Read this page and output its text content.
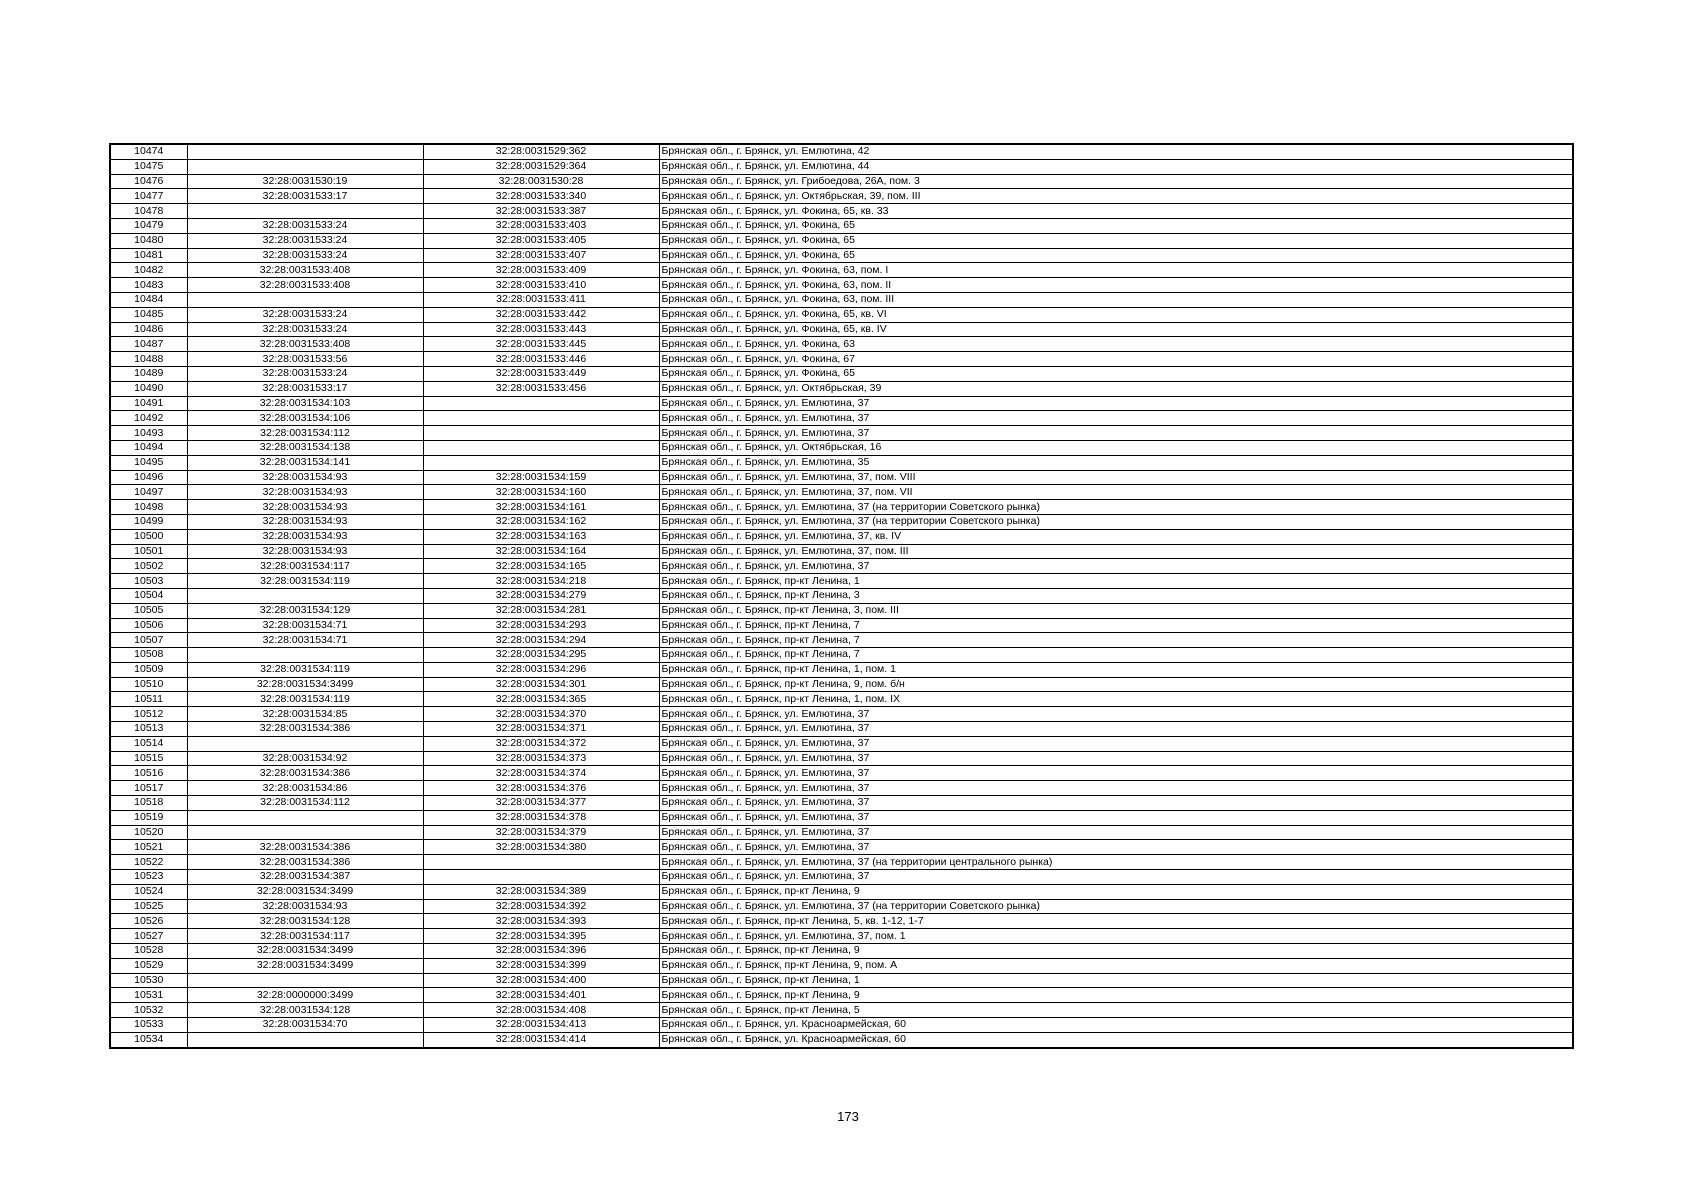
10474		32:28:0031529:362	Брянская обл., г. Брянск, ул. Емлютина, 42
10475		32:28:0031529:364	Брянская обл., г. Брянск, ул. Емлютина, 44
10476	32:28:0031530:19	32:28:0031530:28	Брянская обл., г. Брянск, ул. Грибоедова, 26А, пом. 3
10477	32:28:0031533:17	32:28:0031533:340	Брянская обл., г. Брянск, ул. Октябрьская, 39, пом. III
10478		32:28:0031533:387	Брянская обл., г. Брянск, ул. Фокина, 65, кв. 33
10479	32:28:0031533:24	32:28:0031533:403	Брянская обл., г. Брянск, ул. Фокина, 65
10480	32:28:0031533:24	32:28:0031533:405	Брянская обл., г. Брянск, ул. Фокина, 65
10481	32:28:0031533:24	32:28:0031533:407	Брянская обл., г. Брянск, ул. Фокина, 65
10482	32:28:0031533:408	32:28:0031533:409	Брянская обл., г. Брянск, ул. Фокина, 63, пом. I
10483	32:28:0031533:408	32:28:0031533:410	Брянская обл., г. Брянск, ул. Фокина, 63, пом. II
10484		32:28:0031533:411	Брянская обл., г. Брянск, ул. Фокина, 63, пом. III
10485	32:28:0031533:24	32:28:0031533:442	Брянская обл., г. Брянск, ул. Фокина, 65, кв. VI
10486	32:28:0031533:24	32:28:0031533:443	Брянская обл., г. Брянск, ул. Фокина, 65, кв. IV
10487	32:28:0031533:408	32:28:0031533:445	Брянская обл., г. Брянск, ул. Фокина, 63
10488	32:28:0031533:56	32:28:0031533:446	Брянская обл., г. Брянск, ул. Фокина, 67
10489	32:28:0031533:24	32:28:0031533:449	Брянская обл., г. Брянск, ул. Фокина, 65
10490	32:28:0031533:17	32:28:0031533:456	Брянская обл., г. Брянск, ул. Октябрьская, 39
10491	32:28:0031534:103		Брянская обл., г. Брянск, ул. Емлютина, 37
10492	32:28:0031534:106		Брянская обл., г. Брянск, ул. Емлютина, 37
10493	32:28:0031534:112		Брянская обл., г. Брянск, ул. Емлютина, 37
10494	32:28:0031534:138		Брянская обл., г. Брянск, ул. Октябрьская, 16
10495	32:28:0031534:141		Брянская обл., г. Брянск, ул. Емлютина, 35
10496	32:28:0031534:93	32:28:0031534:159	Брянская обл., г. Брянск, ул. Емлютина, 37, пом. VIII
10497	32:28:0031534:93	32:28:0031534:160	Брянская обл., г. Брянск, ул. Емлютина, 37, пом. VII
10498	32:28:0031534:93	32:28:0031534:161	Брянская обл., г. Брянск, ул. Емлютина, 37 (на территории Советского рынка)
10499	32:28:0031534:93	32:28:0031534:162	Брянская обл., г. Брянск, ул. Емлютина, 37 (на территории Советского рынка)
10500	32:28:0031534:93	32:28:0031534:163	Брянская обл., г. Брянск, ул. Емлютина, 37, кв. IV
10501	32:28:0031534:93	32:28:0031534:164	Брянская обл., г. Брянск, ул. Емлютина, 37, пом. III
10502	32:28:0031534:117	32:28:0031534:165	Брянская обл., г. Брянск, ул. Емлютина, 37
10503	32:28:0031534:119	32:28:0031534:218	Брянская обл., г. Брянск, пр-кт Ленина, 1
10504		32:28:0031534:279	Брянская обл., г. Брянск, пр-кт Ленина, 3
10505	32:28:0031534:129	32:28:0031534:281	Брянская обл., г. Брянск, пр-кт Ленина, 3, пом. III
10506	32:28:0031534:71	32:28:0031534:293	Брянская обл., г. Брянск, пр-кт Ленина, 7
10507	32:28:0031534:71	32:28:0031534:294	Брянская обл., г. Брянск, пр-кт Ленина, 7
10508		32:28:0031534:295	Брянская обл., г. Брянск, пр-кт Ленина, 7
10509	32:28:0031534:119	32:28:0031534:296	Брянская обл., г. Брянск, пр-кт Ленина, 1, пом. 1
10510	32:28:0031534:3499	32:28:0031534:301	Брянская обл., г. Брянск, пр-кт Ленина, 9, пом. б/н
10511	32:28:0031534:119	32:28:0031534:365	Брянская обл., г. Брянск, пр-кт Ленина, 1, пом. IX
10512	32:28:0031534:85	32:28:0031534:370	Брянская обл., г. Брянск, ул. Емлютина, 37
10513	32:28:0031534:386	32:28:0031534:371	Брянская обл., г. Брянск, ул. Емлютина, 37
10514		32:28:0031534:372	Брянская обл., г. Брянск, ул. Емлютина, 37
10515	32:28:0031534:92	32:28:0031534:373	Брянская обл., г. Брянск, ул. Емлютина, 37
10516	32:28:0031534:386	32:28:0031534:374	Брянская обл., г. Брянск, ул. Емлютина, 37
10517	32:28:0031534:86	32:28:0031534:376	Брянская обл., г. Брянск, ул. Емлютина, 37
10518	32:28:0031534:112	32:28:0031534:377	Брянская обл., г. Брянск, ул. Емлютина, 37
10519		32:28:0031534:378	Брянская обл., г. Брянск, ул. Емлютина, 37
10520		32:28:0031534:379	Брянская обл., г. Брянск, ул. Емлютина, 37
10521	32:28:0031534:386	32:28:0031534:380	Брянская обл., г. Брянск, ул. Емлютина, 37
10522	32:28:0031534:386		Брянская обл., г. Брянск, ул. Емлютина, 37 (на территории центрального рынка)
10523	32:28:0031534:387		Брянская обл., г. Брянск, ул. Емлютина, 37
10524	32:28:0031534:3499	32:28:0031534:389	Брянская обл., г. Брянск, пр-кт Ленина, 9
10525	32:28:0031534:93	32:28:0031534:392	Брянская обл., г. Брянск, ул. Емлютина, 37 (на территории Советского рынка)
10526	32:28:0031534:128	32:28:0031534:393	Брянская обл., г. Брянск, пр-кт Ленина, 5, кв. 1-12, 1-7
10527	32:28:0031534:117	32:28:0031534:395	Брянская обл., г. Брянск, ул. Емлютина, 37, пом. 1
10528	32:28:0031534:3499	32:28:0031534:396	Брянская обл., г. Брянск, пр-кт Ленина, 9
10529	32:28:0031534:3499	32:28:0031534:399	Брянская обл., г. Брянск, пр-кт Ленина, 9, пом. А
10530		32:28:0031534:400	Брянская обл., г. Брянск, пр-кт Ленина, 1
10531	32:28:0000000:3499	32:28:0031534:401	Брянская обл., г. Брянск, пр-кт Ленина, 9
10532	32:28:0031534:128	32:28:0031534:408	Брянская обл., г. Брянск, пр-кт Ленина, 5
10533	32:28:0031534:70	32:28:0031534:413	Брянская обл., г. Брянск, ул. Красноармейская, 60
10534		32:28:0031534:414	Брянская обл., г. Брянск, ул. Красноармейская, 60
173
